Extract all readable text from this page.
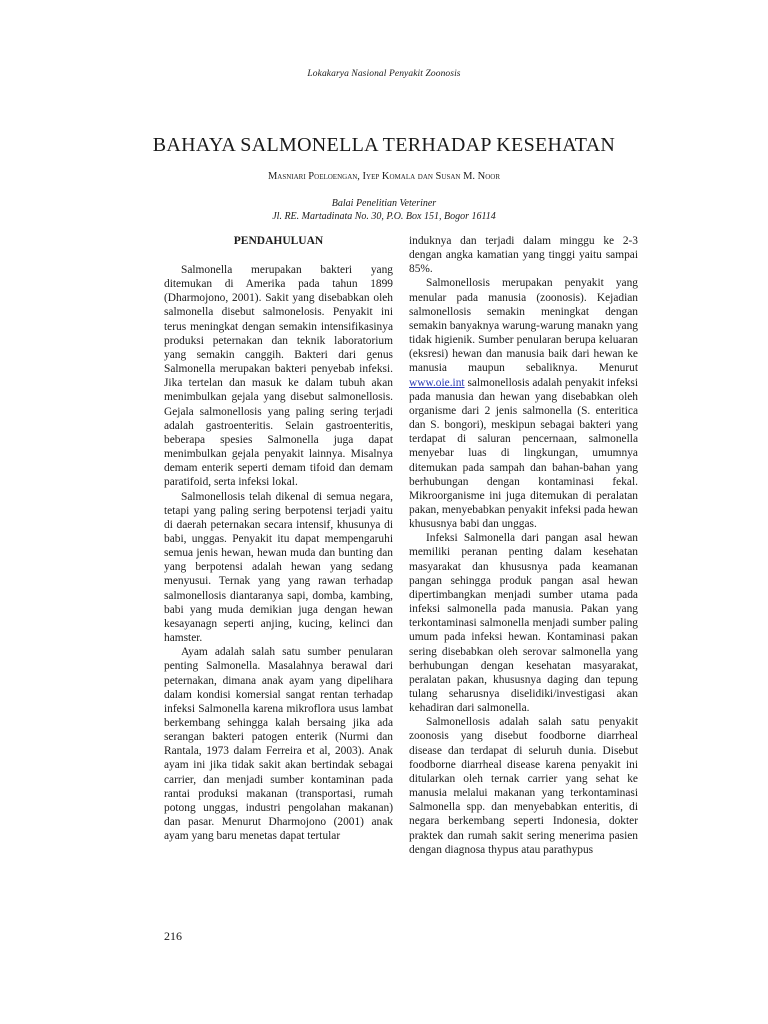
Lokakarya Nasional Penyakit Zoonosis
BAHAYA SALMONELLA TERHADAP KESEHATAN
Masniari Poeloengan, Iyep Komala dan Susan M. Noor
Balai Penelitian Veteriner
Jl. RE. Martadinata No. 30, P.O. Box 151, Bogor 16114
PENDAHULUAN

Salmonella merupakan bakteri yang ditemukan di Amerika pada tahun 1899 (Dharmojono, 2001). Sakit yang disebabkan oleh salmonella disebut salmonelosis. Penyakit ini terus meningkat dengan semakin intensifikasinya produksi peternakan dan teknik laboratorium yang semakin canggih. Bakteri dari genus Salmonella merupakan bakteri penyebab infeksi. Jika tertelan dan masuk ke dalam tubuh akan menimbulkan gejala yang disebut salmonellosis. Gejala salmonellosis yang paling sering terjadi adalah gastroenteritis. Selain gastroenteritis, beberapa spesies Salmonella juga dapat menimbulkan gejala penyakit lainnya. Misalnya demam enterik seperti demam tifoid dan demam paratifoid, serta infeksi lokal.

Salmonellosis telah dikenal di semua negara, tetapi yang paling sering berpotensi terjadi yaitu di daerah peternakan secara intensif, khusunya di babi, unggas. Penyakit itu dapat mempengaruhi semua jenis hewan, hewan muda dan bunting dan yang berpotensi adalah hewan yang sedang menyusui. Ternak yang yang rawan terhadap salmonellosis diantaranya sapi, domba, kambing, babi yang muda demikian juga dengan hewan kesayanagn seperti anjing, kucing, kelinci dan hamster.

Ayam adalah salah satu sumber penularan penting Salmonella. Masalahnya berawal dari peternakan, dimana anak ayam yang dipelihara dalam kondisi komersial sangat rentan terhadap infeksi Salmonella karena mikroflora usus lambat berkembang sehingga kalah bersaing jika ada serangan bakteri patogen enterik (Nurmi dan Rantala, 1973 dalam Ferreira et al, 2003). Anak ayam ini jika tidak sakit akan bertindak sebagai carrier, dan menjadi sumber kontaminan pada rantai produksi makanan (transportasi, rumah potong unggas, industri pengolahan makanan) dan pasar. Menurut Dharmojono (2001) anak ayam yang baru menetas dapat tertular

induknya dan terjadi dalam minggu ke 2-3 dengan angka kamatian yang tinggi yaitu sampai 85%.

Salmonellosis merupakan penyakit yang menular pada manusia (zoonosis). Kejadian salmonellosis semakin meningkat dengan semakin banyaknya warung-warung manakn yang tidak higienik. Sumber penularan berupa keluaran (eksresi) hewan dan manusia baik dari hewan ke manusia maupun sebaliknya. Menurut www.oie.int salmonellosis adalah penyakit infeksi pada manusia dan hewan yang disebabkan oleh organisme dari 2 jenis salmonella (S. enteritica dan S. bongori), meskipun sebagai bakteri yang terdapat di saluran pencernaan, salmonella menyebar luas di lingkungan, umumnya ditemukan pada sampah dan bahan-bahan yang berhubungan dengan kontaminasi fekal. Mikroorganisme ini juga ditemukan di peralatan pakan, menyebabkan penyakit infeksi pada hewan khususnya babi dan unggas.

Infeksi Salmonella dari pangan asal hewan memiliki peranan penting dalam kesehatan masyarakat dan khususnya pada keamanan pangan sehingga produk pangan asal hewan dipertimbangkan menjadi sumber utama pada infeksi salmonella pada manusia. Pakan yang terkontaminasi salmonella menjadi sumber paling umum pada infeksi hewan. Kontaminasi pakan sering disebabkan oleh serovar salmonella yang berhubungan dengan kesehatan masyarakat, peralatan pakan, khususnya daging dan tepung tulang seharusnya diselidiki/investigasi akan kehadiran dari salmonella.

Salmonellosis adalah salah satu penyakit zoonosis yang disebut foodborne diarrheal disease dan terdapat di seluruh dunia. Disebut foodborne diarrheal disease karena penyakit ini ditularkan oleh ternak carrier yang sehat ke manusia melalui makanan yang terkontaminasi Salmonella spp. dan menyebabkan enteritis, di negara berkembang seperti Indonesia, dokter praktek dan rumah sakit sering menerima pasien dengan diagnosa thypus atau parathypus

216
